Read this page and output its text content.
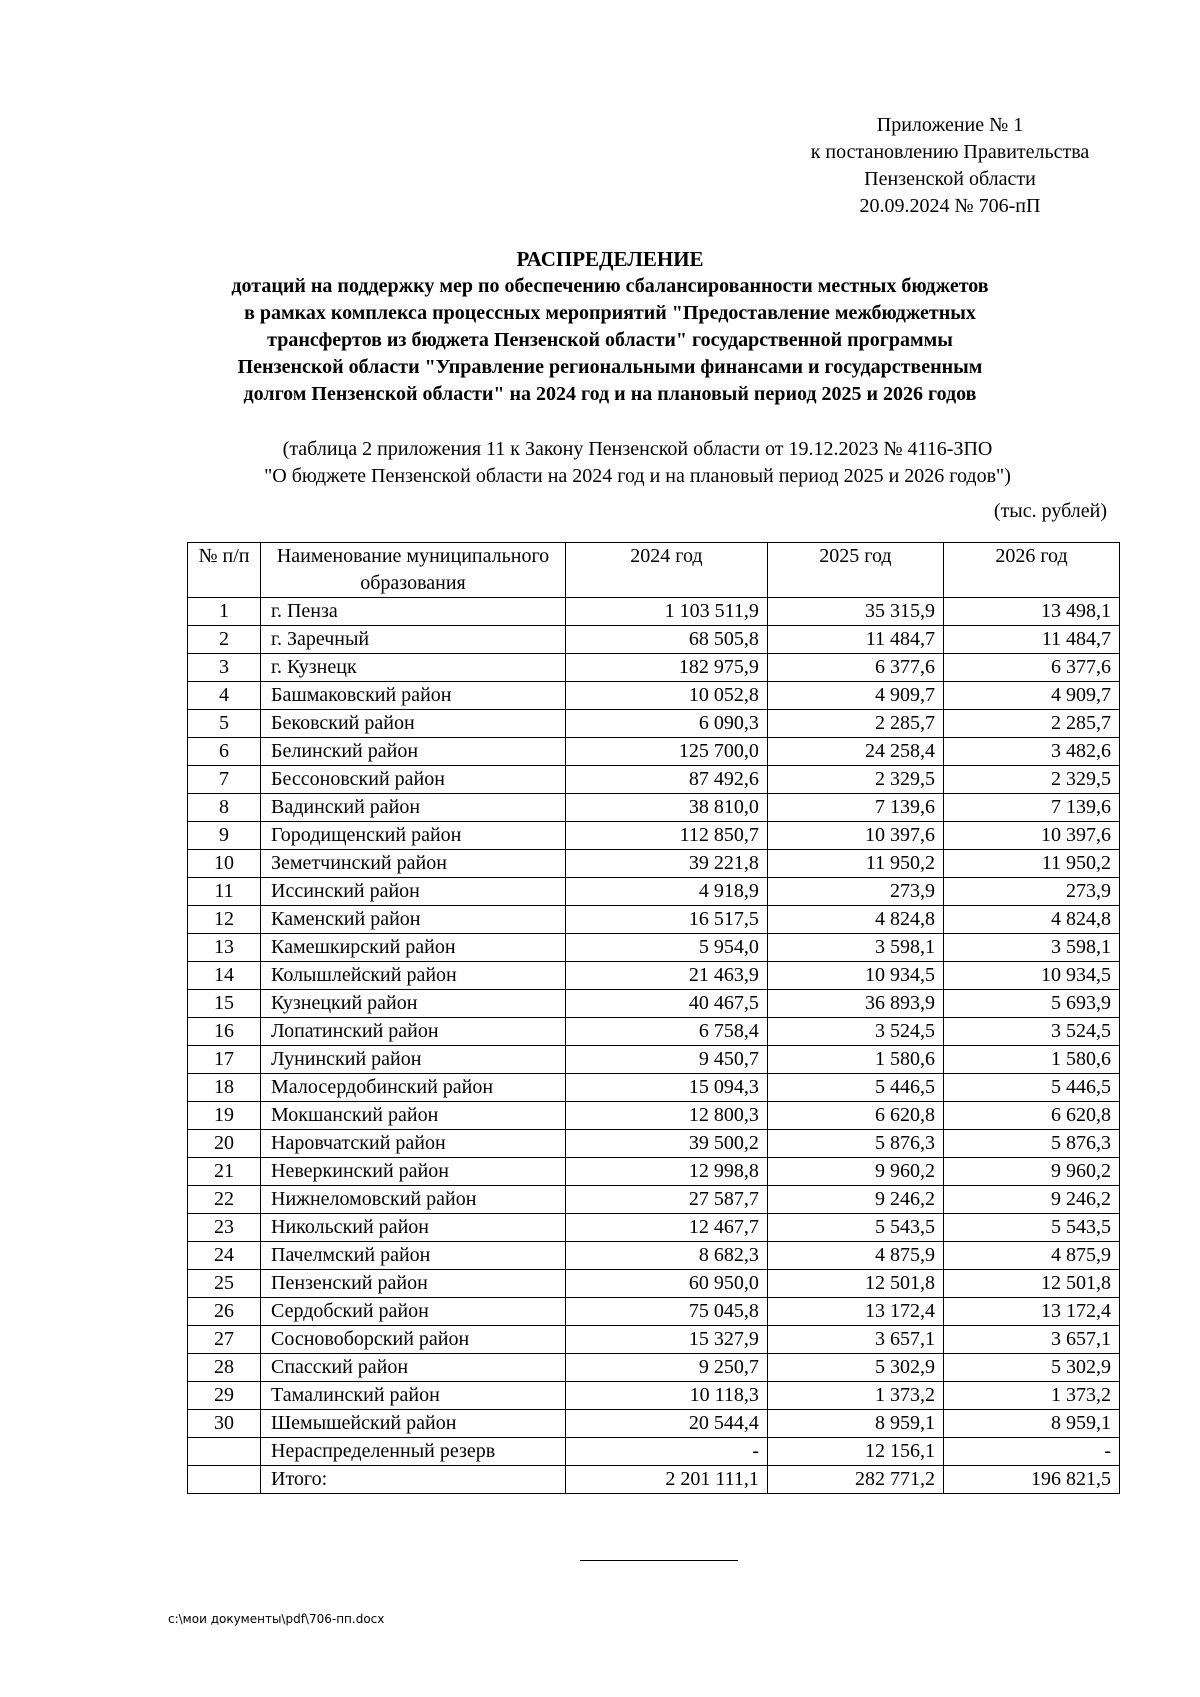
Приложение № 1
к постановлению Правительства
Пензенской области
20.09.2024 № 706-пП
РАСПРЕДЕЛЕНИЕ
дотаций на поддержку мер по обеспечению сбалансированности местных бюджетов
в рамках комплекса процессных мероприятий "Предоставление межбюджетных
трансфертов из бюджета Пензенской области" государственной программы
Пензенской области "Управление региональными финансами и государственным
долгом Пензенской области" на 2024 год и на плановый период 2025 и 2026 годов
(таблица 2 приложения 11 к Закону Пензенской области от 19.12.2023 № 4116-ЗПО
"О бюджете Пензенской области на 2024 год и на плановый период 2025 и 2026 годов")
(тыс. рублей)
№ п/п	Наименование муниципального образования	2024 год	2025 год	2026 год
1	г. Пенза	1 103 511,9	35 315,9	13 498,1
2	г. Заречный	68 505,8	11 484,7	11 484,7
3	г. Кузнецк	182 975,9	6 377,6	6 377,6
4	Башмаковский район	10 052,8	4 909,7	4 909,7
5	Бековский район	6 090,3	2 285,7	2 285,7
6	Белинский район	125 700,0	24 258,4	3 482,6
7	Бессоновский район	87 492,6	2 329,5	2 329,5
8	Вадинский район	38 810,0	7 139,6	7 139,6
9	Городищенский район	112 850,7	10 397,6	10 397,6
10	Земетчинский район	39 221,8	11 950,2	11 950,2
11	Иссинский район	4 918,9	273,9	273,9
12	Каменский район	16 517,5	4 824,8	4 824,8
13	Камешкирский район	5 954,0	3 598,1	3 598,1
14	Колышлейский район	21 463,9	10 934,5	10 934,5
15	Кузнецкий район	40 467,5	36 893,9	5 693,9
16	Лопатинский район	6 758,4	3 524,5	3 524,5
17	Лунинский район	9 450,7	1 580,6	1 580,6
18	Малосердобинский район	15 094,3	5 446,5	5 446,5
19	Мокшанский район	12 800,3	6 620,8	6 620,8
20	Наровчатский район	39 500,2	5 876,3	5 876,3
21	Неверкинский район	12 998,8	9 960,2	9 960,2
22	Нижнеломовский район	27 587,7	9 246,2	9 246,2
23	Никольский район	12 467,7	5 543,5	5 543,5
24	Пачелмский район	8 682,3	4 875,9	4 875,9
25	Пензенский район	60 950,0	12 501,8	12 501,8
26	Сердобский район	75 045,8	13 172,4	13 172,4
27	Сосновоборский район	15 327,9	3 657,1	3 657,1
28	Спасский район	9 250,7	5 302,9	5 302,9
29	Тамалинский район	10 118,3	1 373,2	1 373,2
30	Шемышейский район	20 544,4	8 959,1	8 959,1
	Нераспределенный резерв	-	12 156,1	-
	Итого:	2 201 111,1	282 771,2	196 821,5
c:\мои документы\pdf\706-пп.docx
